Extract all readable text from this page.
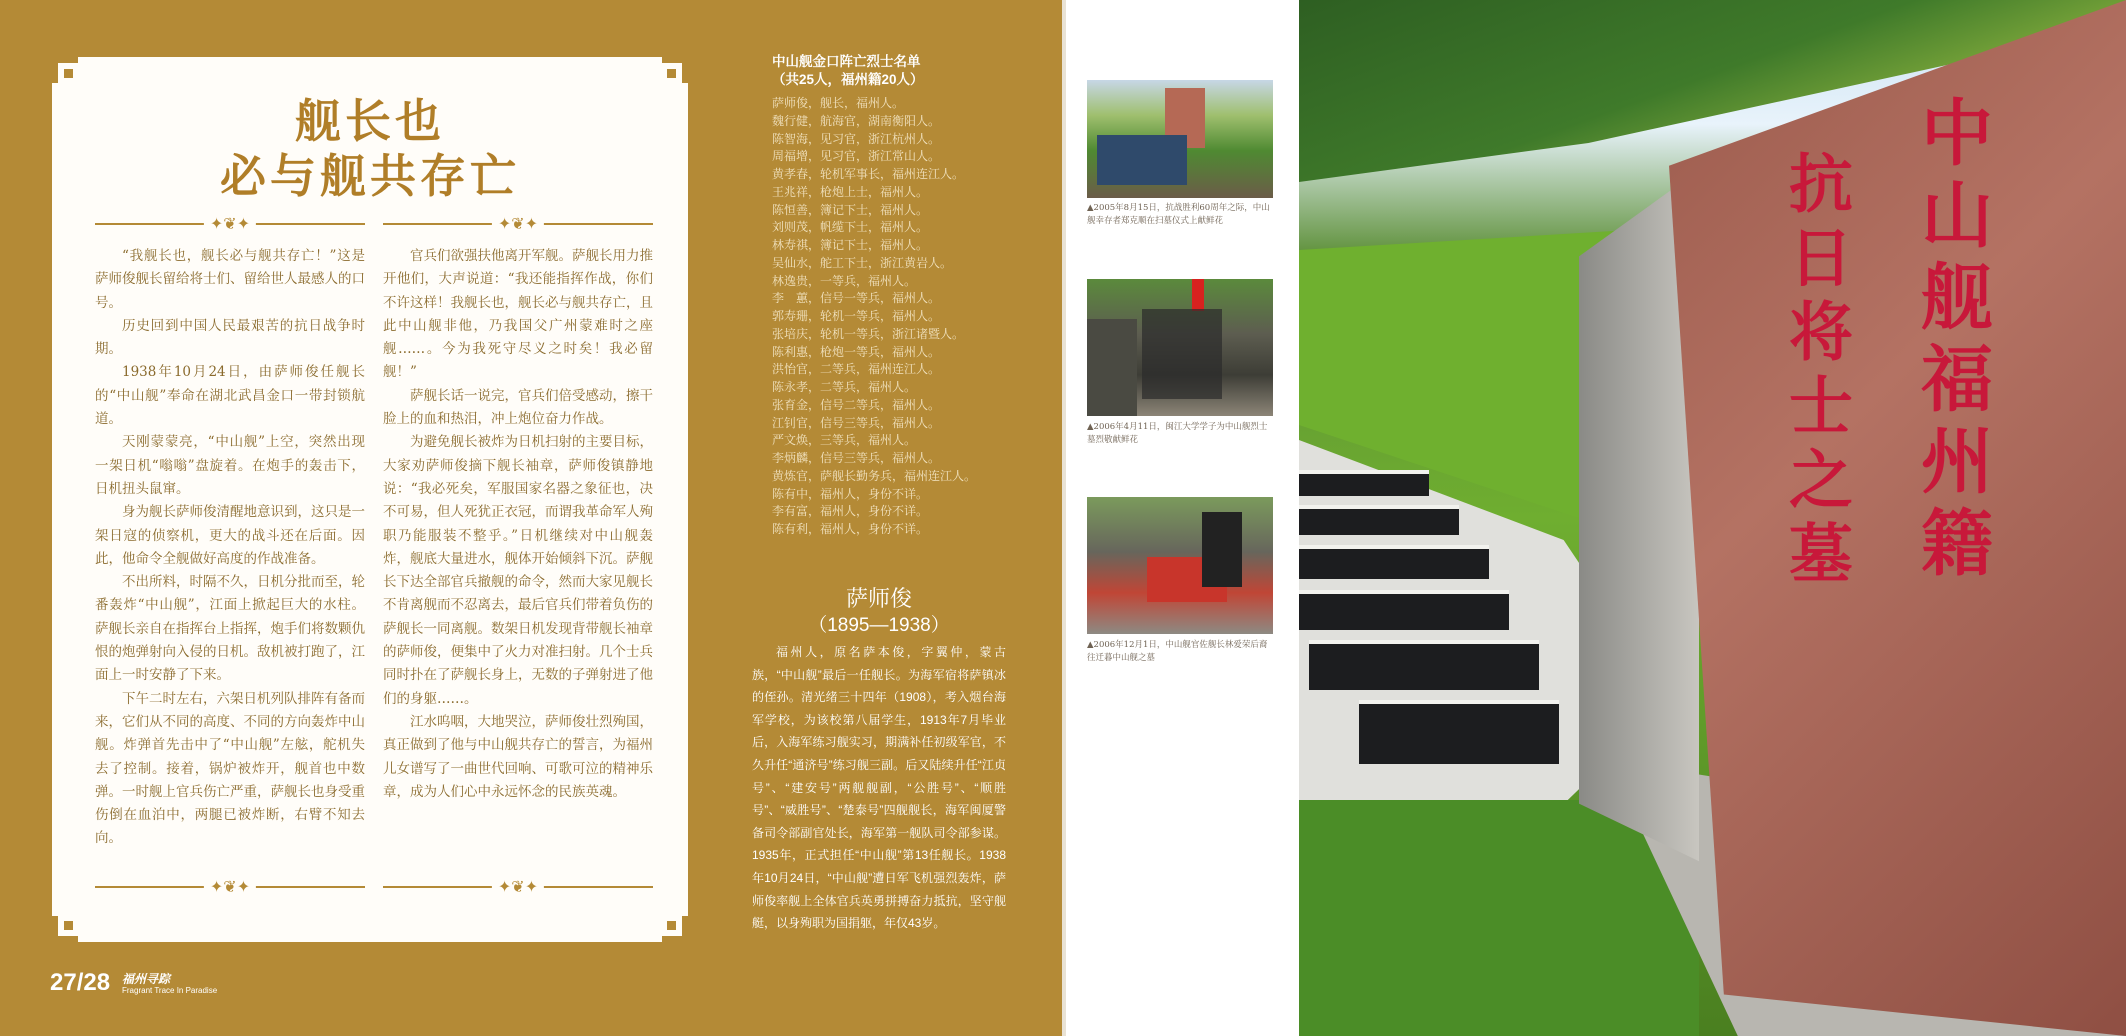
舰长也
必与舰共存亡
✦❦✦	✦❦✦
✦❦✦	✦❦✦

“我舰长也，舰长必与舰共存亡！”这是萨师俊舰长留给将士们、留给世人最感人的口号。

历史回到中国人民最艰苦的抗日战争时期。

1938年10月24日，由萨师俊任舰长的“中山舰”奉命在湖北武昌金口一带封锁航道。

天刚蒙蒙亮，“中山舰”上空，突然出现一架日机“嗡嗡”盘旋着。在炮手的轰击下，日机扭头鼠窜。

身为舰长萨师俊清醒地意识到，这只是一架日寇的侦察机，更大的战斗还在后面。因此，他命令全舰做好高度的作战准备。

不出所料，时隔不久，日机分批而至，轮番轰炸“中山舰”，江面上掀起巨大的水柱。萨舰长亲自在指挥台上指挥，炮手们将数颗仇恨的炮弹射向入侵的日机。敌机被打跑了，江面上一时安静了下来。

下午二时左右，六架日机列队排阵有备而来，它们从不同的高度、不同的方向轰炸中山舰。炸弹首先击中了“中山舰”左舷，舵机失去了控制。接着，锅炉被炸开，舰首也中数弹。一时舰上官兵伤亡严重，萨舰长也身受重伤倒在血泊中，两腿已被炸断，右臂不知去向。

官兵们欲强扶他离开军舰。萨舰长用力推开他们，大声说道：“我还能指挥作战，你们不许这样！我舰长也，舰长必与舰共存亡，且此中山舰非他，乃我国父广州蒙难时之座舰……。今为我死守尽义之时矣！我必留舰！”

萨舰长话一说完，官兵们倍受感动，擦干脸上的血和热泪，冲上炮位奋力作战。

为避免舰长被炸为日机扫射的主要目标，大家劝萨师俊摘下舰长袖章，萨师俊镇静地说：“我必死矣，军服国家名器之象征也，决不可易，但人死犹正衣冠，而谓我革命军人殉职乃能服装不整乎。”日机继续对中山舰轰炸，舰底大量进水，舰体开始倾斜下沉。萨舰长下达全部官兵撤舰的命令，然而大家见舰长不肯离舰而不忍离去，最后官兵们带着负伤的萨舰长一同离舰。数架日机发现背带舰长袖章的萨师俊，便集中了火力对准扫射。几个士兵同时扑在了萨舰长身上，无数的子弹射进了他们的身躯……。

江水呜咽，大地哭泣，萨师俊壮烈殉国，真正做到了他与中山舰共存亡的誓言，为福州儿女谱写了一曲世代回响、可歌可泣的精神乐章，成为人们心中永远怀念的民族英魂。

27/28 福州寻踪
Fragrant Trace In Paradise
中山舰金口阵亡烈士名单
（共25人，福州籍20人）
萨师俊，舰长，福州人。
魏行健，航海官，湖南衡阳人。
陈智海，见习官，浙江杭州人。
周福增，见习官，浙江常山人。
黄孝春，轮机军事长，福州连江人。
王兆祥，枪炮上士，福州人。
陈恒善，簿记下士，福州人。
刘则茂，帆缆下士，福州人。
林寿祺，簿记下士，福州人。
吴仙水，舵工下士，浙江黄岩人。
林逸贵，一等兵，福州人。
李　蕙，信号一等兵，福州人。
郭寿珊，轮机一等兵，福州人。
张培庆，轮机一等兵，浙江诸暨人。
陈利惠，枪炮一等兵，福州人。
洪怡官，二等兵，福州连江人。
陈永孝，二等兵，福州人。
张育金，信号二等兵，福州人。
江钊官，信号三等兵，福州人。
严文焕，三等兵，福州人。
李炳麟，信号三等兵，福州人。
黄炼官，萨舰长勤务兵，福州连江人。
陈有中，福州人，身份不详。
李有富，福州人，身份不详。
陈有利，福州人，身份不详。
萨师俊
（1895—1938）

福州人，原名萨本俊，字翼仲，蒙古族，“中山舰”最后一任舰长。为海军宿将萨镇冰的侄孙。清光绪三十四年（1908），考入烟台海军学校，为该校第八届学生，1913年7月毕业后，入海军练习舰实习，期满补任初级军官，不久升任“通济号”练习舰三副。后又陆续升任“江贞号”、“建安号”两舰舰副，“公胜号”、“顺胜号”、“威胜号”、“楚泰号”四舰舰长，海军闽厦警备司令部副官处长，海军第一舰队司令部参谋。1935年，正式担任“中山舰”第13任舰长。1938年10月24日，“中山舰”遭日军飞机强烈轰炸，萨师俊率舰上全体官兵英勇拼搏奋力抵抗，坚守舰艇，以身殉职为国捐躯，年仅43岁。

▲2005年8月15日，抗战胜利60周年之际，中山舰幸存者郑克顺在扫墓仪式上献鲜花

▲2006年4月11日，闽江大学学子为中山舰烈士墓烈敬献鲜花

▲2006年12月1日，中山舰官佐舰长林爱荣后裔往迁暮中山舰之墓

中山舰福州籍
抗日将士之墓
